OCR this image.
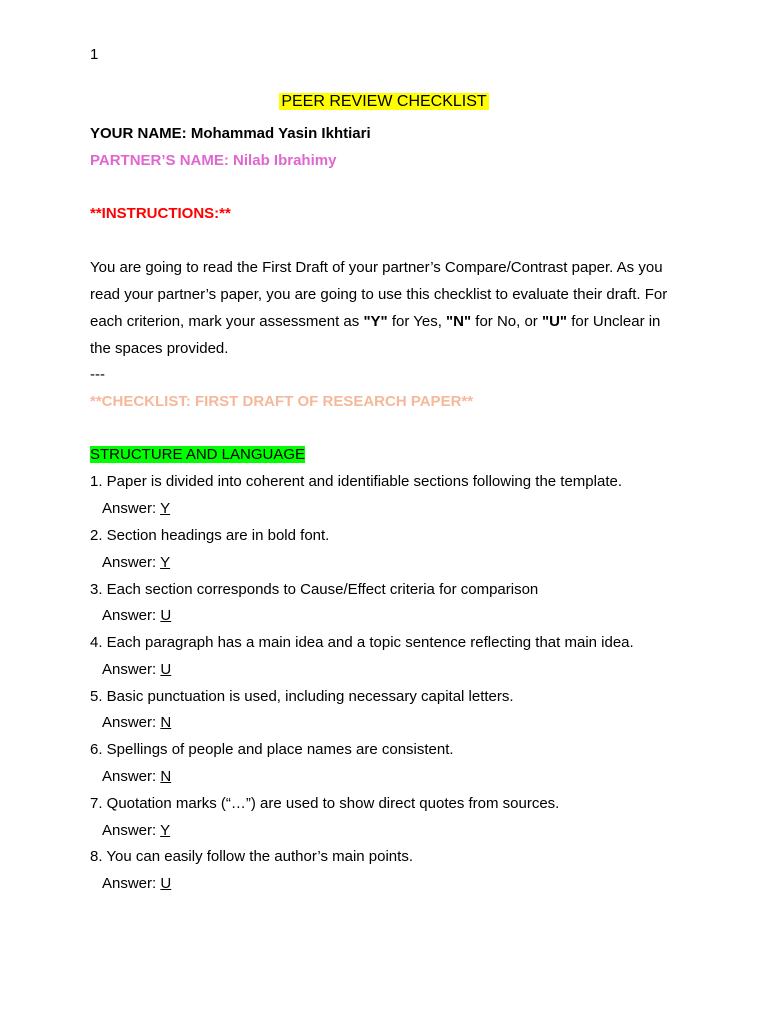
1
PEER REVIEW CHECKLIST
YOUR NAME: Mohammad Yasin Ikhtiari
PARTNER’S NAME: Nilab Ibrahimy
**INSTRUCTIONS:**
You are going to read the First Draft of your partner’s Compare/Contrast paper. As you read your partner’s paper, you are going to use this checklist to evaluate their draft. For each criterion, mark your assessment as "Y" for Yes, "N" for No, or "U" for Unclear in the spaces provided.
---
**CHECKLIST: FIRST DRAFT OF RESEARCH PAPER**
STRUCTURE AND LANGUAGE
1. Paper is divided into coherent and identifiable sections following the template.
Answer: Y
2. Section headings are in bold font.
Answer: Y
3. Each section corresponds to Cause/Effect criteria for comparison
Answer: U
4. Each paragraph has a main idea and a topic sentence reflecting that main idea.
Answer: U
5. Basic punctuation is used, including necessary capital letters.
Answer: N
6. Spellings of people and place names are consistent.
Answer: N
7. Quotation marks (“…”) are used to show direct quotes from sources.
Answer: Y
8. You can easily follow the author’s main points.
Answer: U
